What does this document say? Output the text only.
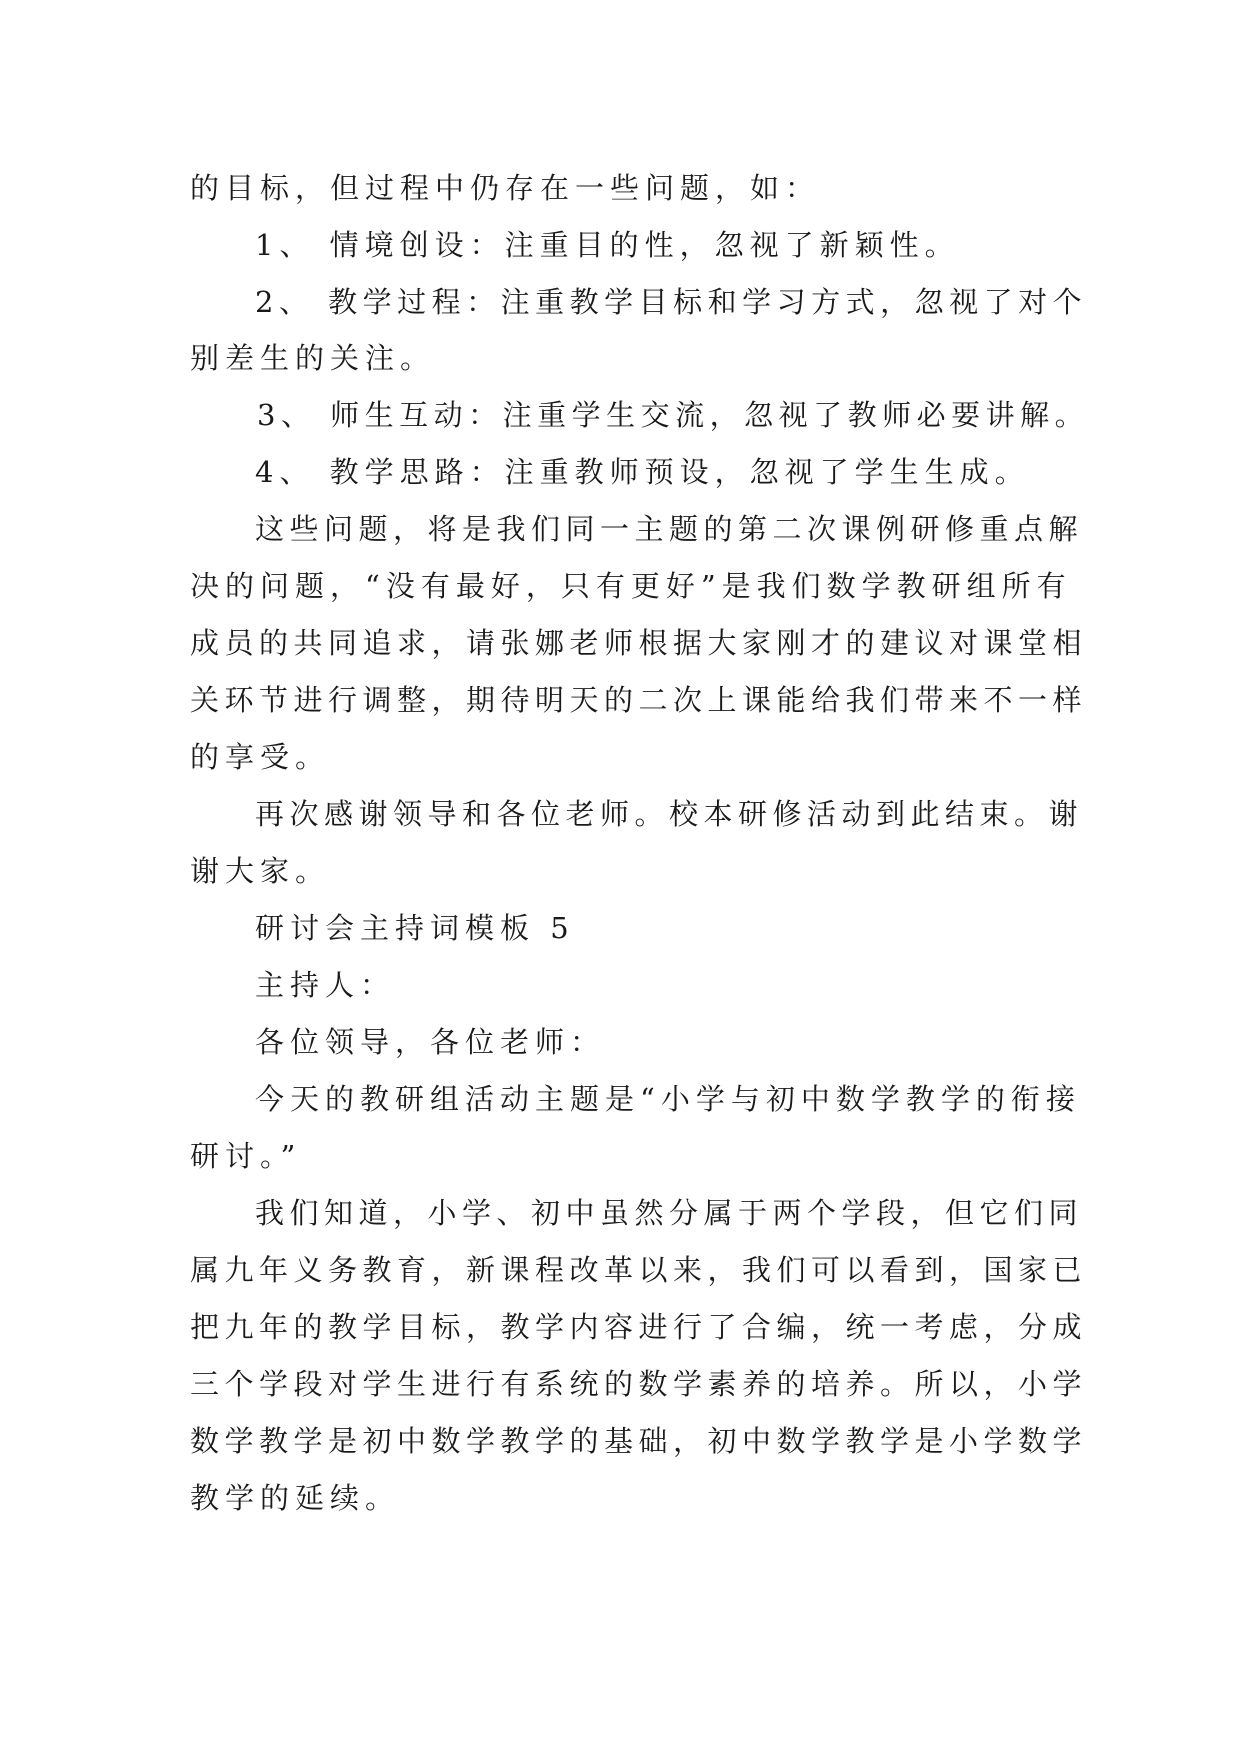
的目标，但过程中仍存在一些问题，如：
1、 情境创设：注重目的性，忽视了新颖性。
2、 教学过程：注重教学目标和学习方式，忽视了对个
别差生的关注。
3、 师生互动：注重学生交流，忽视了教师必要讲解。
4、 教学思路：注重教师预设，忽视了学生生成。
这些问题，将是我们同一主题的第二次课例研修重点解
决的问题，“没有最好，只有更好”是我们数学教研组所有
成员的共同追求，请张娜老师根据大家刚才的建议对课堂相
关环节进行调整，期待明天的二次上课能给我们带来不一样
的享受。
再次感谢领导和各位老师。校本研修活动到此结束。谢
谢大家。
研讨会主持词模板 5
主持人：
各位领导，各位老师：
今天的教研组活动主题是“小学与初中数学教学的衔接
研讨。”
我们知道，小学、初中虽然分属于两个学段，但它们同
属九年义务教育，新课程改革以来，我们可以看到，国家已
把九年的教学目标，教学内容进行了合编，统一考虑，分成
三个学段对学生进行有系统的数学素养的培养。所以，小学
数学教学是初中数学教学的基础，初中数学教学是小学数学
教学的延续。
